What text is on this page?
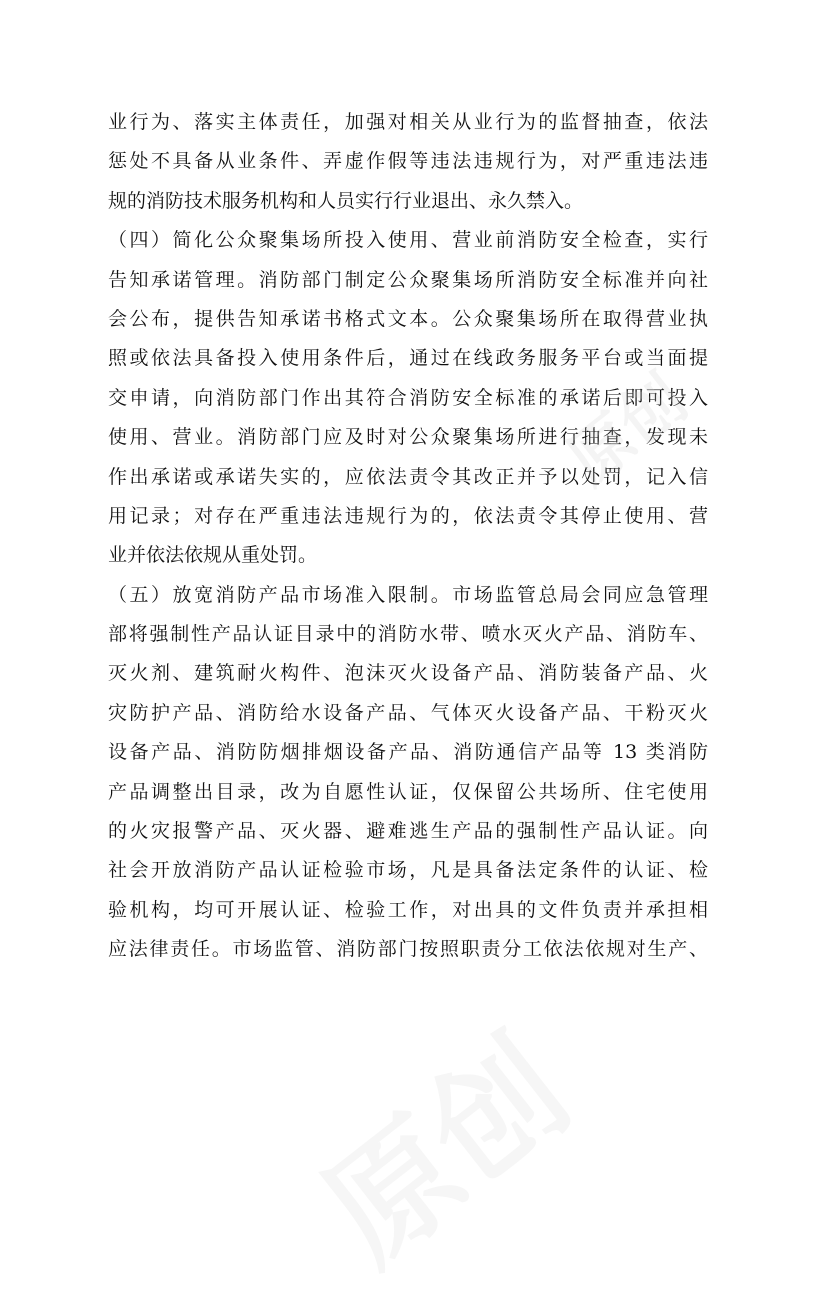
业行为、落实主体责任，加强对相关从业行为的监督抽查，依法
惩处不具备从业条件、弄虚作假等违法违规行为，对严重违法违
规的消防技术服务机构和人员实行行业退出、永久禁入。
（四）简化公众聚集场所投入使用、营业前消防安全检查，实行
告知承诺管理。消防部门制定公众聚集场所消防安全标准并向社
会公布，提供告知承诺书格式文本。公众聚集场所在取得营业执
照或依法具备投入使用条件后，通过在线政务服务平台或当面提
交申请，向消防部门作出其符合消防安全标准的承诺后即可投入
使用、营业。消防部门应及时对公众聚集场所进行抽查，发现未
作出承诺或承诺失实的，应依法责令其改正并予以处罚，记入信
用记录；对存在严重违法违规行为的，依法责令其停止使用、营
业并依法依规从重处罚。
（五）放宽消防产品市场准入限制。市场监管总局会同应急管理
部将强制性产品认证目录中的消防水带、喷水灭火产品、消防车、
灭火剂、建筑耐火构件、泡沫灭火设备产品、消防装备产品、火
灾防护产品、消防给水设备产品、气体灭火设备产品、干粉灭火
设备产品、消防防烟排烟设备产品、消防通信产品等 13 类消防
产品调整出目录，改为自愿性认证，仅保留公共场所、住宅使用
的火灾报警产品、灭火器、避难逃生产品的强制性产品认证。向
社会开放消防产品认证检验市场，凡是具备法定条件的认证、检
验机构，均可开展认证、检验工作，对出具的文件负责并承担相
应法律责任。市场监管、消防部门按照职责分工依法依规对生产、
原创
原创
